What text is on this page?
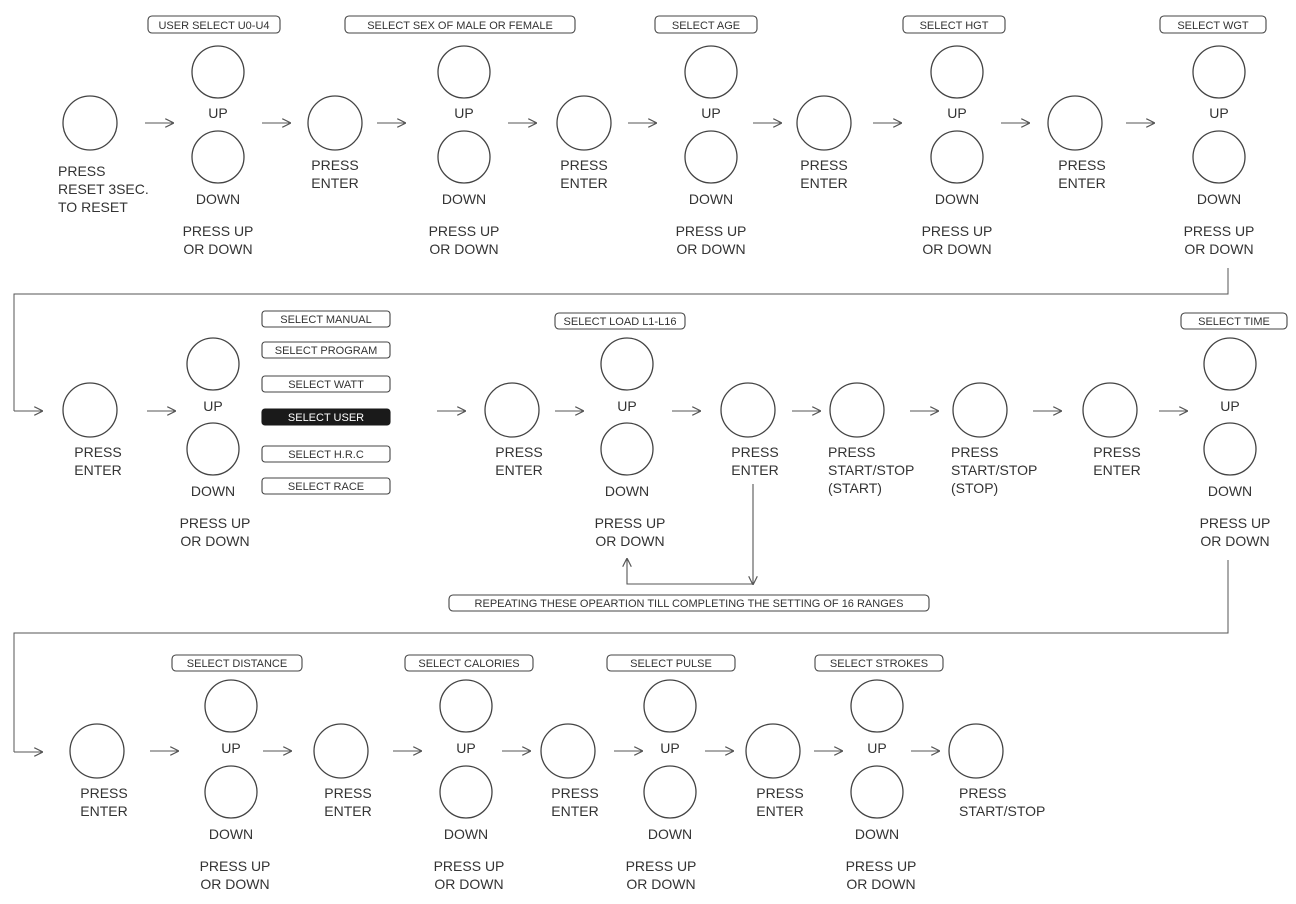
PRESS
RESET 3SEC.
TO RESET
USER SELECT U0-U4
UP
DOWN
PRESS UP
OR DOWN
PRESS
ENTER
SELECT SEX OF MALE OR FEMALE
UP
DOWN
PRESS UP
OR DOWN
PRESS
ENTER
SELECT AGE
UP
DOWN
PRESS UP
OR DOWN
PRESS
ENTER
SELECT HGT
UP
DOWN
PRESS UP
OR DOWN
PRESS
ENTER
SELECT WGT
UP
DOWN
PRESS UP
OR DOWN
PRESS
ENTER
UP
DOWN
PRESS UP
OR DOWN
SELECT MANUAL
SELECT PROGRAM
SELECT WATT
SELECT USER
SELECT H.R.C
SELECT RACE
PRESS
ENTER
SELECT LOAD L1-L16
UP
DOWN
PRESS UP
OR DOWN
PRESS
ENTER
REPEATING THESE OPEARTION TILL COMPLETING THE SETTING OF 16 RANGES
PRESS
START/STOP
(START)
PRESS
START/STOP
(STOP)
PRESS
ENTER
SELECT TIME
UP
DOWN
PRESS UP
OR DOWN
PRESS
ENTER
SELECT DISTANCE
UP
DOWN
PRESS UP
OR DOWN
PRESS
ENTER
SELECT CALORIES
UP
DOWN
PRESS UP
OR DOWN
PRESS
ENTER
SELECT PULSE
UP
DOWN
PRESS UP
OR DOWN
PRESS
ENTER
SELECT STROKES
UP
DOWN
PRESS UP
OR DOWN
PRESS
START/STOP
